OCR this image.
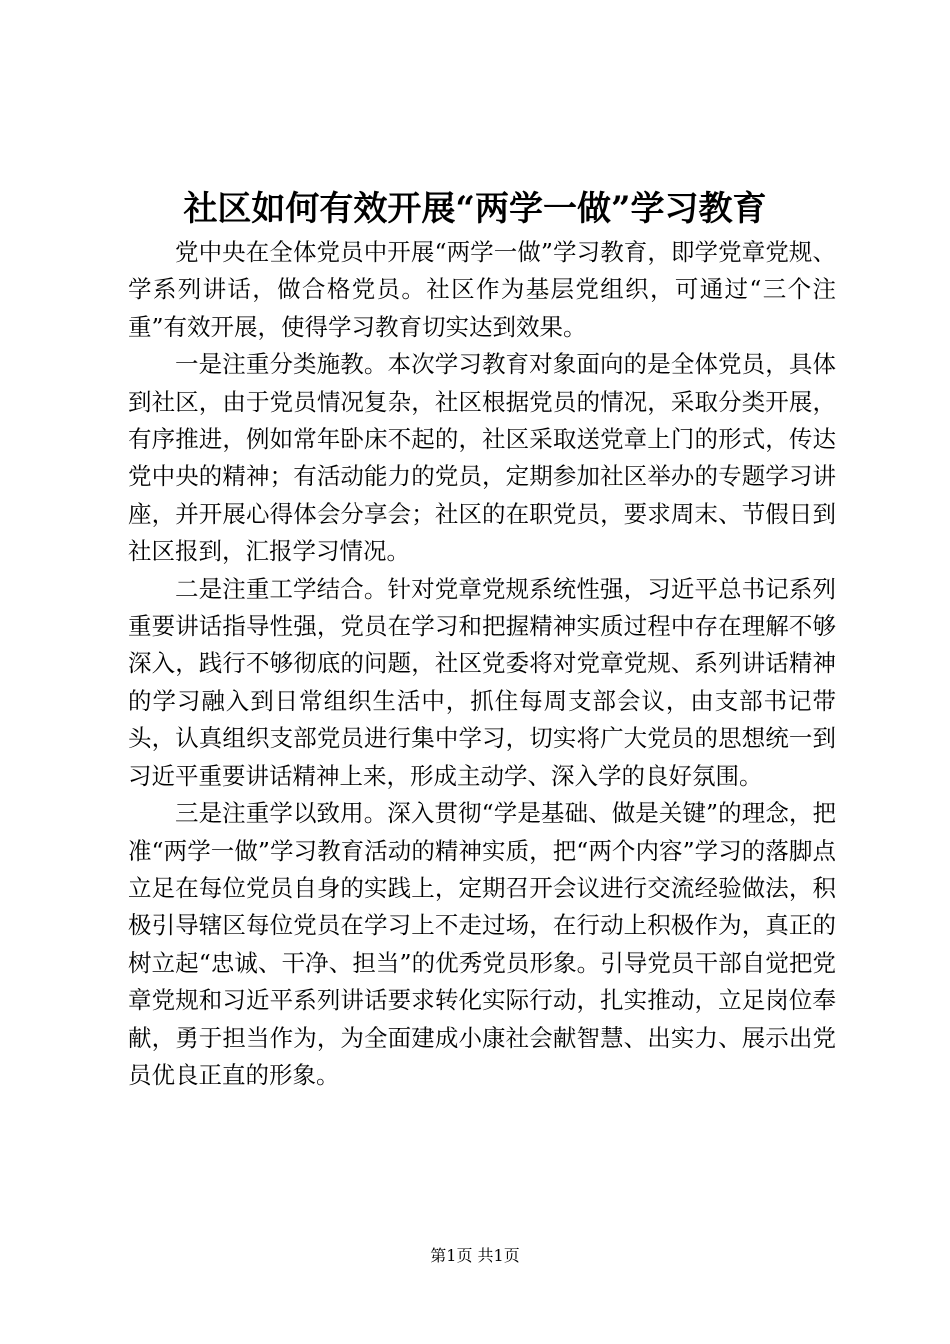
社区如何有效开展“两学一做”学习教育

党中央在全体党员中开展“两学一做”学习教育，即学党章党规、学系列讲话，做合格党员。社区作为基层党组织，可通过“三个注重”有效开展，使得学习教育切实达到效果。

一是注重分类施教。本次学习教育对象面向的是全体党员，具体到社区，由于党员情况复杂，社区根据党员的情况，采取分类开展，有序推进，例如常年卧床不起的，社区采取送党章上门的形式，传达党中央的精神；有活动能力的党员，定期参加社区举办的专题学习讲座，并开展心得体会分享会；社区的在职党员，要求周末、节假日到社区报到，汇报学习情况。

二是注重工学结合。针对党章党规系统性强，习近平总书记系列重要讲话指导性强，党员在学习和把握精神实质过程中存在理解不够深入，践行不够彻底的问题，社区党委将对党章党规、系列讲话精神的学习融入到日常组织生活中，抓住每周支部会议，由支部书记带头，认真组织支部党员进行集中学习，切实将广大党员的思想统一到习近平重要讲话精神上来，形成主动学、深入学的良好氛围。

三是注重学以致用。深入贯彻“学是基础、做是关键”的理念，把准“两学一做”学习教育活动的精神实质，把“两个内容”学习的落脚点立足在每位党员自身的实践上，定期召开会议进行交流经验做法，积极引导辖区每位党员在学习上不走过场，在行动上积极作为，真正的树立起“忠诚、干净、担当”的优秀党员形象。引导党员干部自觉把党章党规和习近平系列讲话要求转化实际行动，扎实推动，立足岗位奉献，勇于担当作为，为全面建成小康社会献智慧、出实力、展示出党员优良正直的形象。

第1页 共1页
